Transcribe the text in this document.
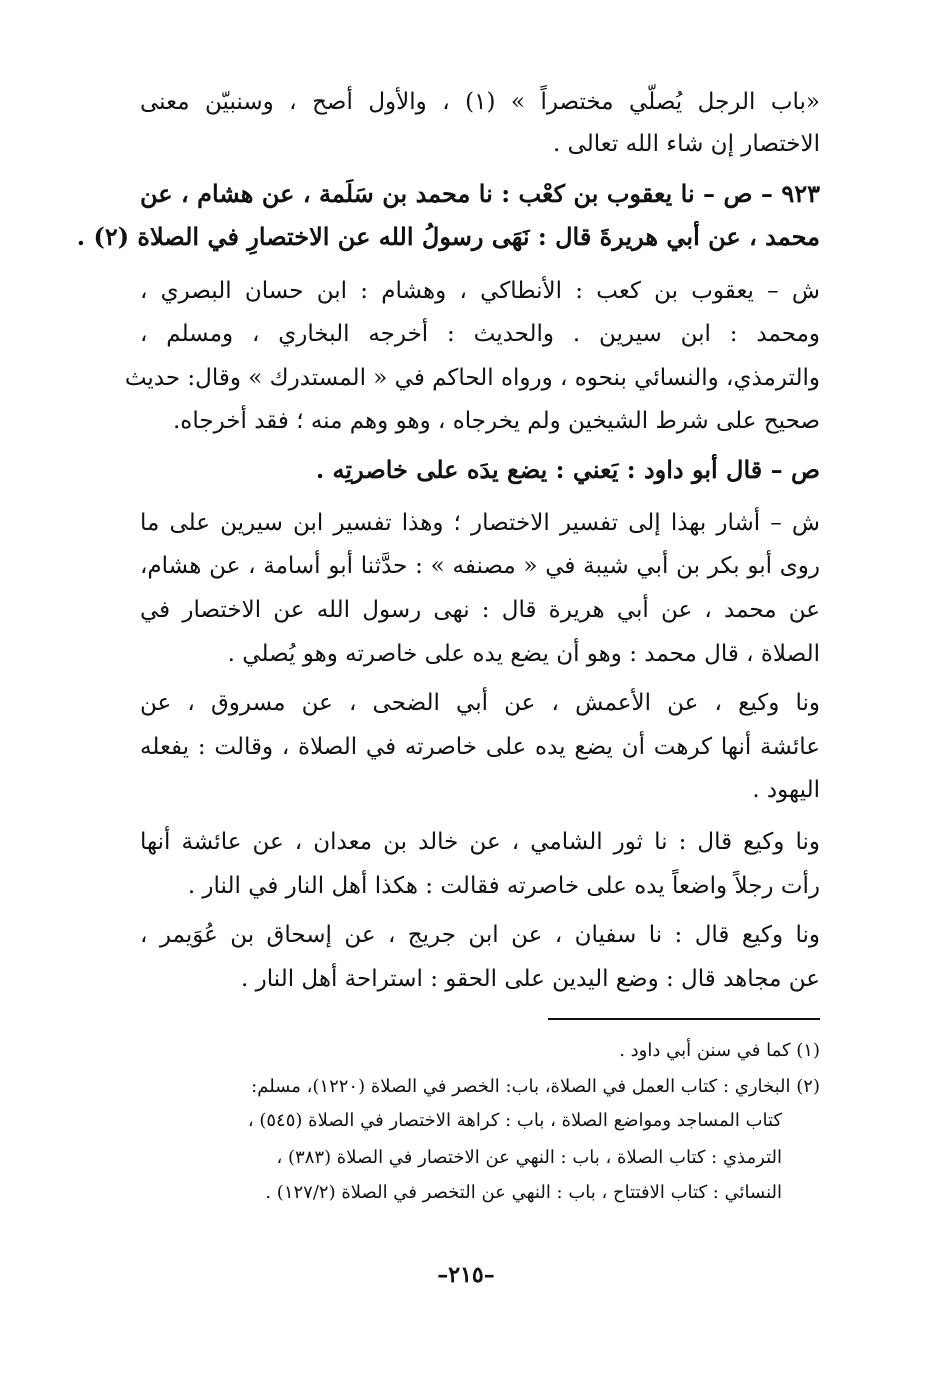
«باب الرجل يُصلّي مختصراً » (١) ، والأول أصح ، وسنبيّن معنى
الاختصار إن شاء الله تعالى .
٩٢٣ – ص – نا يعقوب بن كعْب : نا محمد بن سَلَمة ، عن هشام ، عن
محمد ، عن أبي هريرةَ قال : نَهَى رسولُ الله عن الاختصارِ في الصلاة (٢) .
ش – يعقوب بن كعب : الأنطاكي ، وهشام : ابن حسان البصري ،
ومحمد : ابن سيرين . والحديث : أخرجه البخاري ، ومسلم ،
والترمذي، والنسائي بنحوه ، ورواه الحاكم في « المستدرك » وقال: حديث
صحيح على شرط الشيخين ولم يخرجاه ، وهو وهم منه ؛ فقد أخرجاه.
ص – قال أبو داود : يَعني : يضع يدَه على خاصرتِه .
ش – أشار بهذا إلى تفسير الاختصار ؛ وهذا تفسير ابن سيرين على ما
روى أبو بكر بن أبي شيبة في « مصنفه » : حدَّثنا أبو أسامة ، عن هشام،
عن محمد ، عن أبي هريرة قال : نهى رسول الله عن الاختصار في
الصلاة ، قال محمد : وهو أن يضع يده على خاصرته وهو يُصلي .
ونا وكيع ، عن الأعمش ، عن أبي الضحى ، عن مسروق ، عن
عائشة أنها كرهت أن يضع يده على خاصرته في الصلاة ، وقالت : يفعله
اليهود .
ونا وكيع قال : نا ثور الشامي ، عن خالد بن معدان ، عن عائشة أنها
رأت رجلاً واضعاً يده على خاصرته فقالت : هكذا أهل النار في النار .
ونا وكيع قال : نا سفيان ، عن ابن جريج ، عن إسحاق بن عُوَيمر ،
عن مجاهد قال : وضع اليدين على الحقو : استراحة أهل النار .
(١) كما في سنن أبي داود .
(٢) البخاري : كتاب العمل في الصلاة، باب: الخصر في الصلاة (١٢٢٠)، مسلم:
كتاب المساجد ومواضع الصلاة ، باب : كراهة الاختصار في الصلاة (٥٤٥) ،
الترمذي : كتاب الصلاة ، باب : النهي عن الاختصار في الصلاة (٣٨٣) ،
النسائي : كتاب الافتتاح ، باب : النهي عن التخصر في الصلاة (١٢٧/٢) .
–٢١٥–
